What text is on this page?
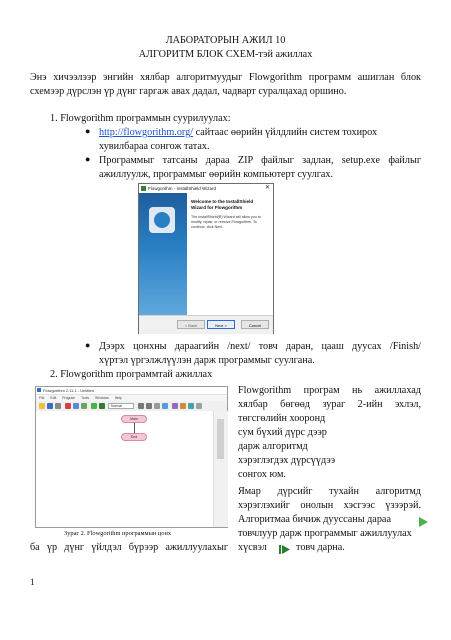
ЛАБОРАТОРЫН АЖИЛ 10
АЛГОРИТМ БЛОК СХЕМ-тэй ажиллах
Энэ хичээлээр энгийн хялбар алгоритмуудыг Flowgorithm программ ашиглан блок
схемээр дүрслэн үр дүнг гаргаж авах дадал, чадварт суралцахад оршино.
1. Flowgorithm программын суурилуулах:
● http://flowgorithm.org/ сайтаас өөрийн үйлдлийн систем тохирох
хувилбараа сонгож татах.
● Программыг татсаны дараа ZIP файлыг задлан, setup.exe файлыг
ажиллуулж, программыг өөрийн компьютерт суулгах.
Flowgorithm - InstallShield Wizard	✕
Welcome to the InstallShield Wizard for Flowgorithm
The InstallShield(R) Wizard will allow you to modify, repair, or remove Flowgorithm. To continue, click Next.
< Back	Next >	Cancel
● Дээрх цонхны дараагийн /next/ товч даран, цааш дуусах /Finish/
хүртэл үргэлжлүүлэн дарж программыг суулгана.
2. Flowgorithm программтай ажиллах
Flowgorithm 2.11.1 - Untitled
File Edit Program Tools Windows Help
Normal
Main
End
Flowgorithm програм нь ажиллахад
хялбар бөгөөд зураг 2-ийн эхлэл,
төгсгөлийн хооронд
сум бүхий дүрс дээр
дарж алгоритмд
хэрэглэгдэх дүрсүүдээ
сонгох юм.
Ямар дүрсийг тухайн алгоритмд
хэрэглэхийг онолын хэсгээс үзээрэй.
Алгоритмаа бичиж дууссаны дараа
товчлуур дарж программыг ажиллуулах
хүсвэл	товч дарна.
Зураг 2. Flowgorithm программын цонх
ба үр дүнг үйлдэл бүрээр ажиллуулахыг
1
